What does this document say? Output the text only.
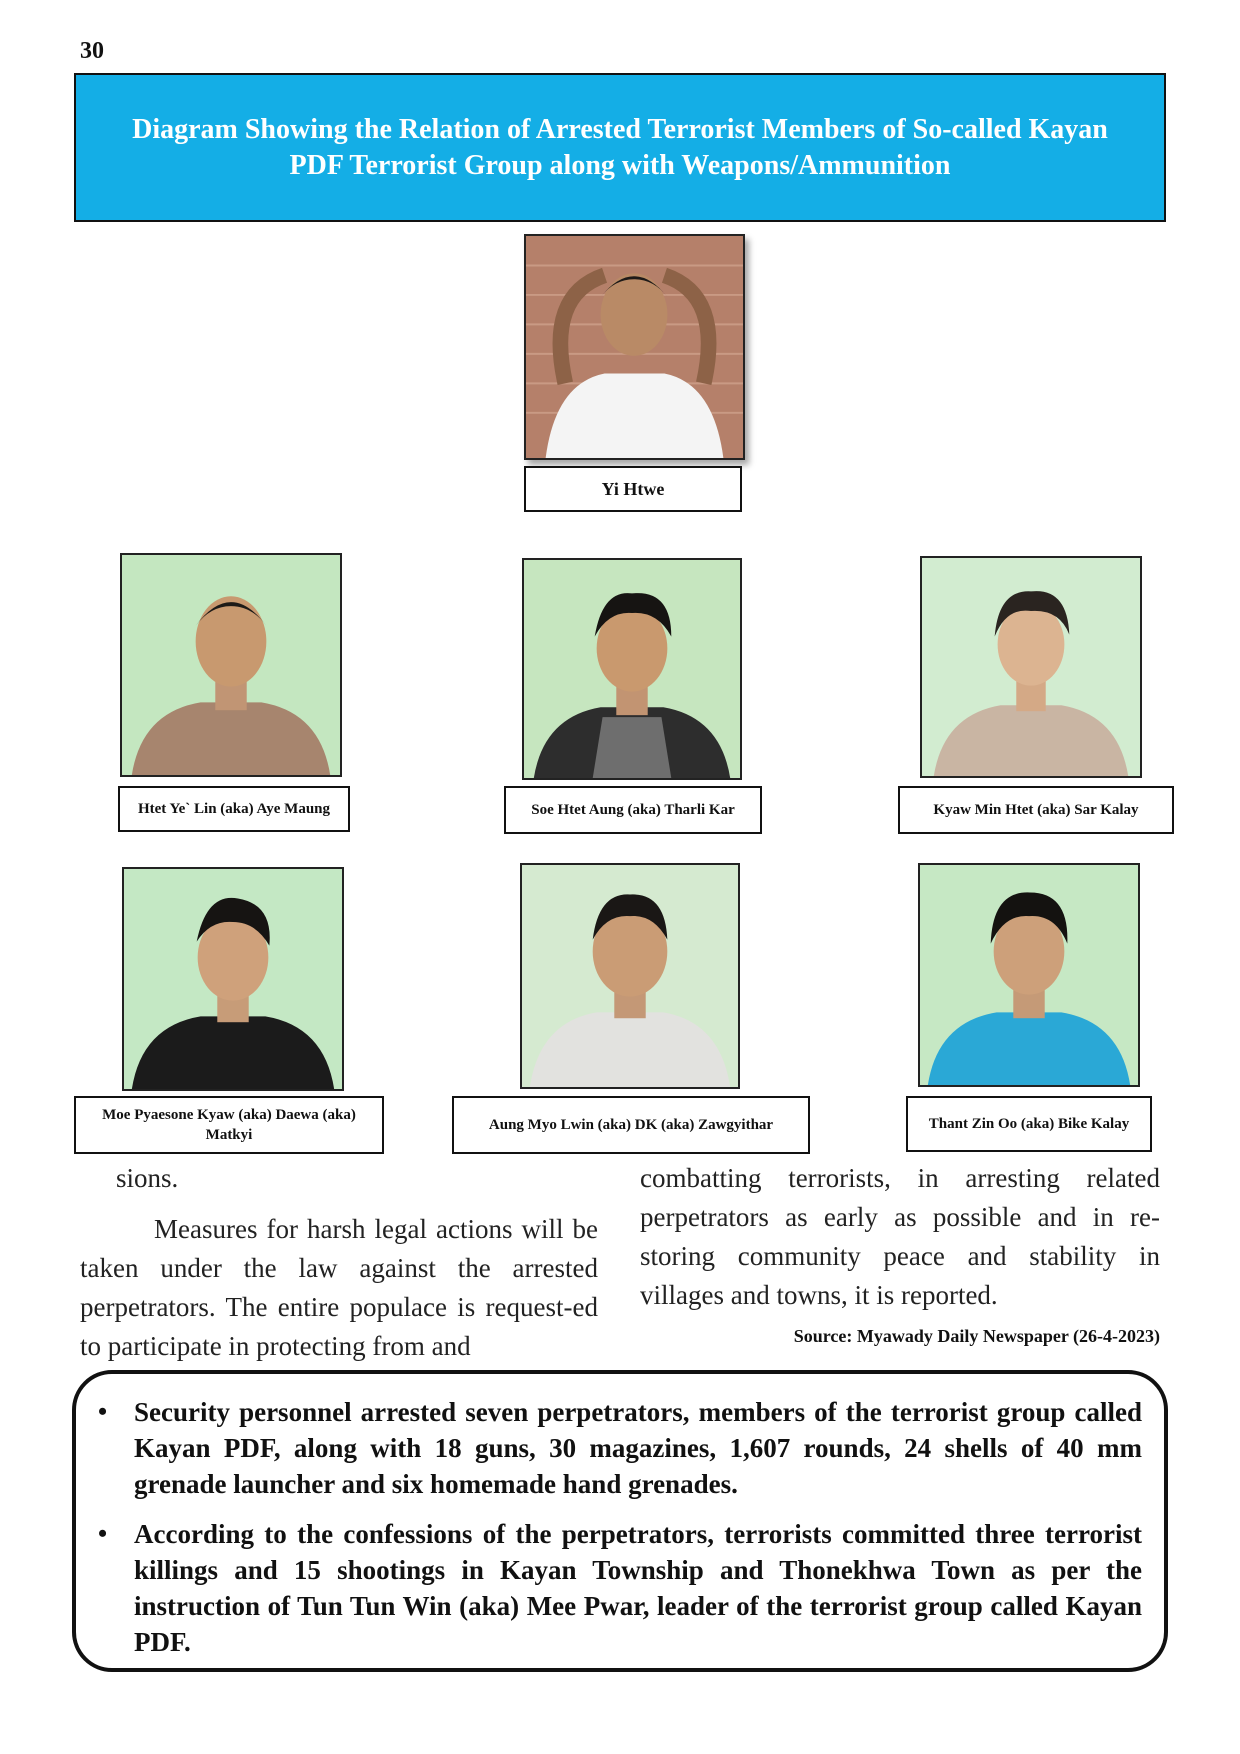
30
Diagram Showing the Relation of Arrested Terrorist Members of So-called Kayan PDF Terrorist Group along with Weapons/Ammunition
Yi Htwe
Htet Ye` Lin (aka) Aye Maung	Soe Htet Aung (aka) Tharli Kar	Kyaw Min Htet (aka) Sar Kalay
Moe Pyaesone Kyaw (aka) Daewa (aka) Matkyi
Aung Myo Lwin (aka) DK (aka) Zawgyithar	Thant Zin Oo (aka) Bike Kalay

sions.

Measures for harsh legal actions will be taken under the law against the arrested perpetrators. The entire populace is request-ed to participate in protecting from and

combatting terrorists, in arresting related perpetrators as early as possible and in re-storing community peace and stability in villages and towns, it is reported.

Source: Myawady Daily Newspaper (26-4-2023)
• Security personnel arrested seven perpetrators, members of the terrorist group called Kayan PDF, along with 18 guns, 30 magazines, 1,607 rounds, 24 shells of 40 mm grenade launcher and six homemade hand grenades.
• According to the confessions of the perpetrators, terrorists committed three terrorist killings and 15 shootings in Kayan Township and Thonekhwa Town as per the instruction of Tun Tun Win (aka) Mee Pwar, leader of the terrorist group called Kayan PDF.
